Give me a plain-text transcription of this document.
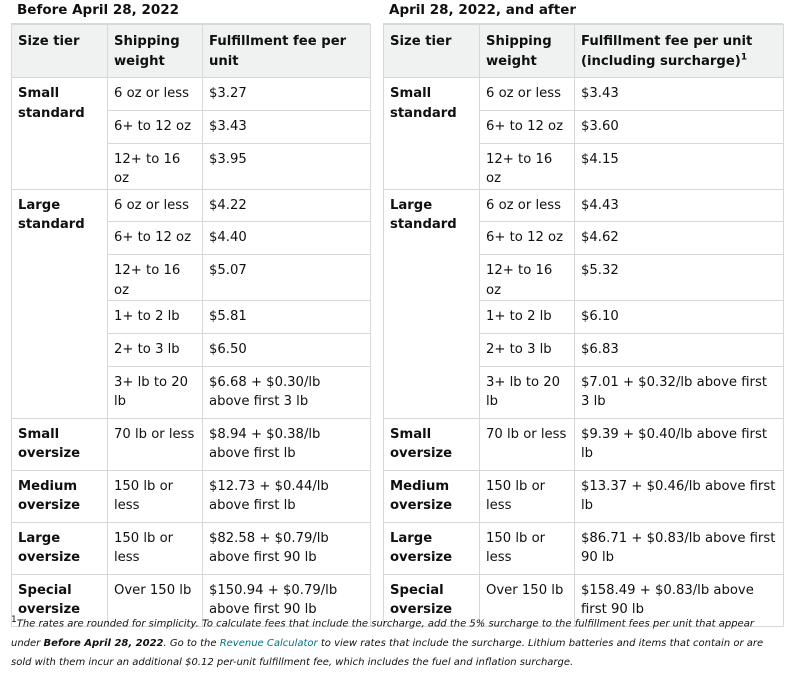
Before April 28, 2022
Size tier	Shipping weight	Fulfillment fee per unit
Small standard	6 oz or less	$3.27
	6+ to 12 oz	$3.43
	12+ to 16 oz	$3.95
Large standard	6 oz or less	$4.22
	6+ to 12 oz	$4.40
	12+ to 16 oz	$5.07
	1+ to 2 lb	$5.81
	2+ to 3 lb	$6.50
	3+ lb to 20 lb	$6.68 + $0.30/lb above first 3 lb
Small oversize	70 lb or less	$8.94 + $0.38/lb above first lb
Medium oversize	150 lb or less	$12.73 + $0.44/lb above first lb
Large oversize	150 lb or less	$82.58 + $0.79/lb above first 90 lb
Special oversize	Over 150 lb	$150.94 + $0.79/lb above first 90 lb
April 28, 2022, and after
Size tier	Shipping weight	Fulfillment fee per unit (including surcharge)$^1$
Small standard	6 oz or less	$3.43
	6+ to 12 oz	$3.60
	12+ to 16 oz	$4.15
Large standard	6 oz or less	$4.43
	6+ to 12 oz	$4.62
	12+ to 16 oz	$5.32
	1+ to 2 lb	$6.10
	2+ to 3 lb	$6.83
	3+ lb to 20 lb	$7.01 + $0.32/lb above first 3 lb
Small oversize	70 lb or less	$9.39 + $0.40/lb above first lb
Medium oversize	150 lb or less	$13.37 + $0.46/lb above first lb
Large oversize	150 lb or less	$86.71 + $0.83/lb above first 90 lb
Special oversize	Over 150 lb	$158.49 + $0.83/lb above first 90 lb
1The rates are rounded for simplicity. To calculate fees that include the surcharge, add the 5% surcharge to the fulfillment fees per unit that appear under Before April 28, 2022. Go to the Revenue Calculator to view rates that include the surcharge. Lithium batteries and items that contain or are sold with them incur an additional $0.12 per-unit fulfillment fee, which includes the fuel and inflation surcharge.
